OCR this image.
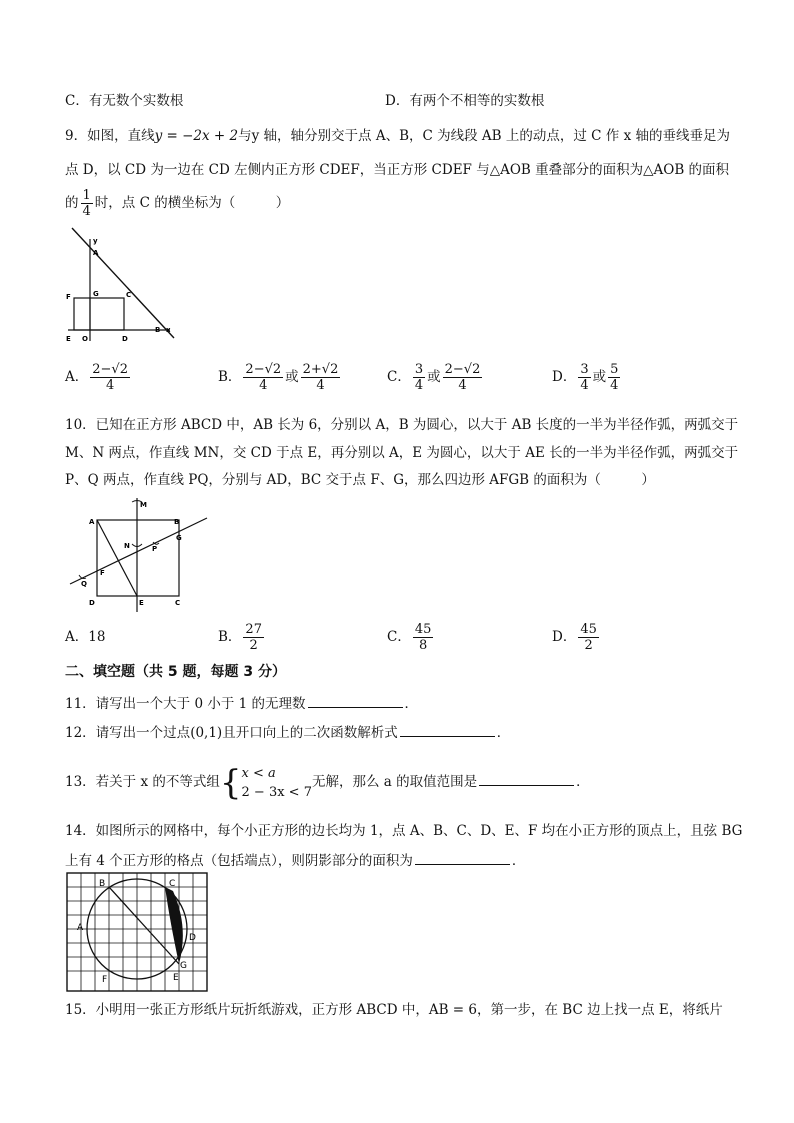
C．有无数个实数根	D．有两个不相等的实数根
9．如图，直线y = −2x + 2与y 轴，轴分别交于点 A、B，C 为线段 AB 上的动点，过 C 作 x 轴的垂线垂足为
点 D，以 CD 为一边在 CD 左侧内正方形 CDEF，当正方形 CDEF 与△AOB 重叠部分的面积为△AOB 的面积
的 $\frac{1}{4}$ 时，点 C 的横坐标为（　　　）
y
A
F	G	C
E O	D
B x
A． $\frac{2-√2}{4}$	B． $\frac{2-√2}{4}$ 或 $\frac{2+√2}{4}$	C． $\frac{3}{4}$ 或 $\frac{2-√2}{4}$	D． $\frac{3}{4}$ 或 $\frac{5}{4}$
10．已知在正方形 ABCD 中，AB 长为 6，分别以 A，B 为圆心，以大于 AB 长度的一半为半径作弧，两弧交于
M、N 两点，作直线 MN，交 CD 于点 E，再分别以 A，E 为圆心，以大于 AE 长的一半为半径作弧，两弧交于
P、Q 两点，作直线 PQ，分别与 AD，BC 交于点 F、G，那么四边形 AFGB 的面积为（　　　）
M
A	B
G
N	P
F
Q
D	E	C
A．18	B． $\frac{27}{2}$	C． $\frac{45}{8}$	D． $\frac{45}{2}$
二、填空题（共 5 题，每题 3 分）
11．请写出一个大于 0 小于 1 的无理数	．
12．请写出一个过点(0,1)且开口向上的二次函数解析式	．
13．若关于 x 的不等式组{ x < a
2 − 3x < 7
无解，那么 a 的取值范围是	．
14．如图所示的网格中，每个小正方形的边长均为 1，点 A、B、C、D、E、F 均在小正方形的顶点上，且弦 BG
上有 4 个正方形的格点（包括端点），则阴影部分的面积为	．
B	C
A
D
G
E
F
15．小明用一张正方形纸片玩折纸游戏，正方形 ABCD 中，AB = 6，第一步，在 BC 边上找一点 E，将纸片
